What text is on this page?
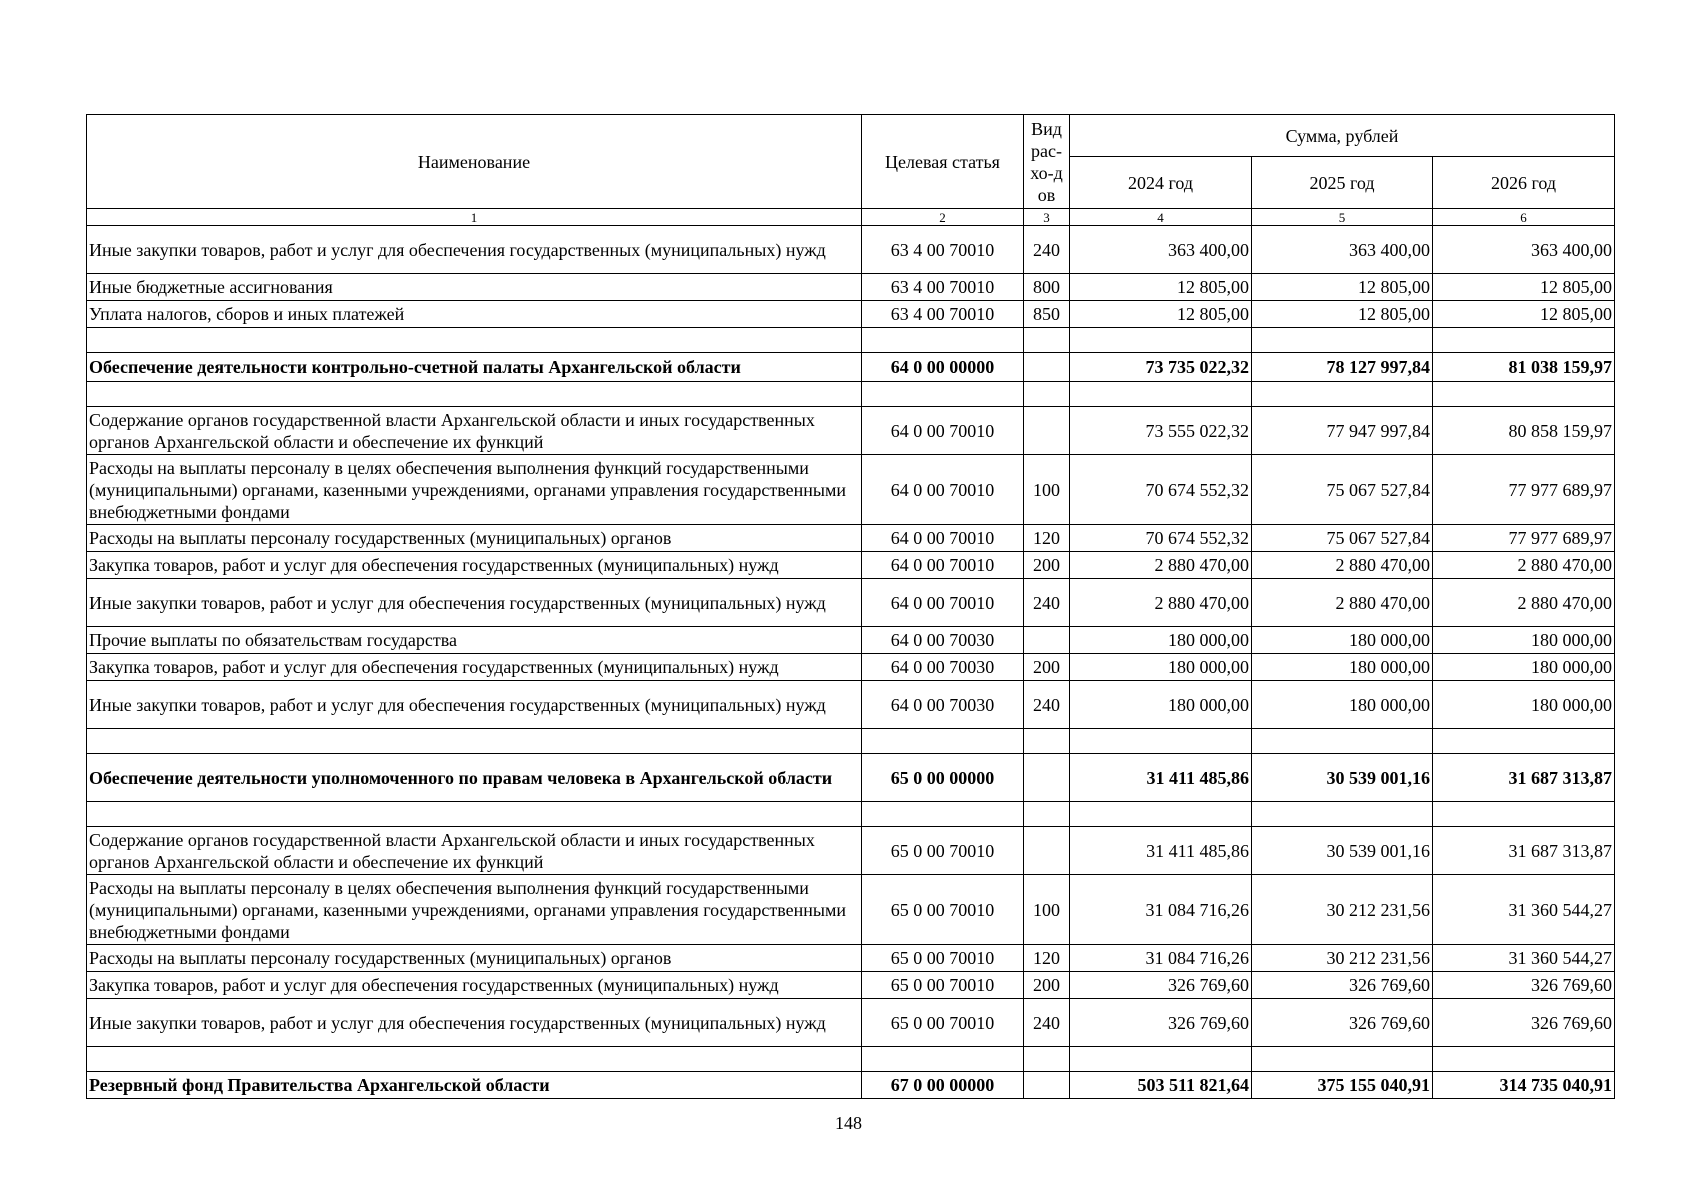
Наименование	Целевая статья	Вид рас-хо-дов	Сумма, рублей		
			2024 год	2025 год	2026 год
1	2	3	4	5	6
Иные закупки товаров, работ и услуг для обеспечения государственных (муниципальных) нужд	63 4 00 70010	240	363 400,00	363 400,00	363 400,00
Иные бюджетные ассигнования	63 4 00 70010	800	12 805,00	12 805,00	12 805,00
Уплата налогов, сборов и иных платежей	63 4 00 70010	850	12 805,00	12 805,00	12 805,00

Обеспечение деятельности контрольно-счетной палаты Архангельской области	64 0 00 00000		73 735 022,32	78 127 997,84	81 038 159,97

Содержание органов государственной власти Архангельской области и иных государственных органов Архангельской области и обеспечение их функций	64 0 00 70010		73 555 022,32	77 947 997,84	80 858 159,97
Расходы на выплаты персоналу в целях обеспечения выполнения функций государственными (муниципальными) органами, казенными учреждениями, органами управления государственными внебюджетными фондами	64 0 00 70010	100	70 674 552,32	75 067 527,84	77 977 689,97
Расходы на выплаты персоналу государственных (муниципальных) органов	64 0 00 70010	120	70 674 552,32	75 067 527,84	77 977 689,97
Закупка товаров, работ и услуг для обеспечения государственных (муниципальных) нужд	64 0 00 70010	200	2 880 470,00	2 880 470,00	2 880 470,00
Иные закупки товаров, работ и услуг для обеспечения государственных (муниципальных) нужд	64 0 00 70010	240	2 880 470,00	2 880 470,00	2 880 470,00
Прочие выплаты по обязательствам государства	64 0 00 70030		180 000,00	180 000,00	180 000,00
Закупка товаров, работ и услуг для обеспечения государственных (муниципальных) нужд	64 0 00 70030	200	180 000,00	180 000,00	180 000,00
Иные закупки товаров, работ и услуг для обеспечения государственных (муниципальных) нужд	64 0 00 70030	240	180 000,00	180 000,00	180 000,00

Обеспечение деятельности уполномоченного по правам человека в Архангельской области	65 0 00 00000		31 411 485,86	30 539 001,16	31 687 313,87

Содержание органов государственной власти Архангельской области и иных государственных органов Архангельской области и обеспечение их функций	65 0 00 70010		31 411 485,86	30 539 001,16	31 687 313,87
Расходы на выплаты персоналу в целях обеспечения выполнения функций государственными (муниципальными) органами, казенными учреждениями, органами управления государственными внебюджетными фондами	65 0 00 70010	100	31 084 716,26	30 212 231,56	31 360 544,27
Расходы на выплаты персоналу государственных (муниципальных) органов	65 0 00 70010	120	31 084 716,26	30 212 231,56	31 360 544,27
Закупка товаров, работ и услуг для обеспечения государственных (муниципальных) нужд	65 0 00 70010	200	326 769,60	326 769,60	326 769,60
Иные закупки товаров, работ и услуг для обеспечения государственных (муниципальных) нужд	65 0 00 70010	240	326 769,60	326 769,60	326 769,60

Резервный фонд Правительства Архангельской области	67 0 00 00000		503 511 821,64	375 155 040,91	314 735 040,91
148
